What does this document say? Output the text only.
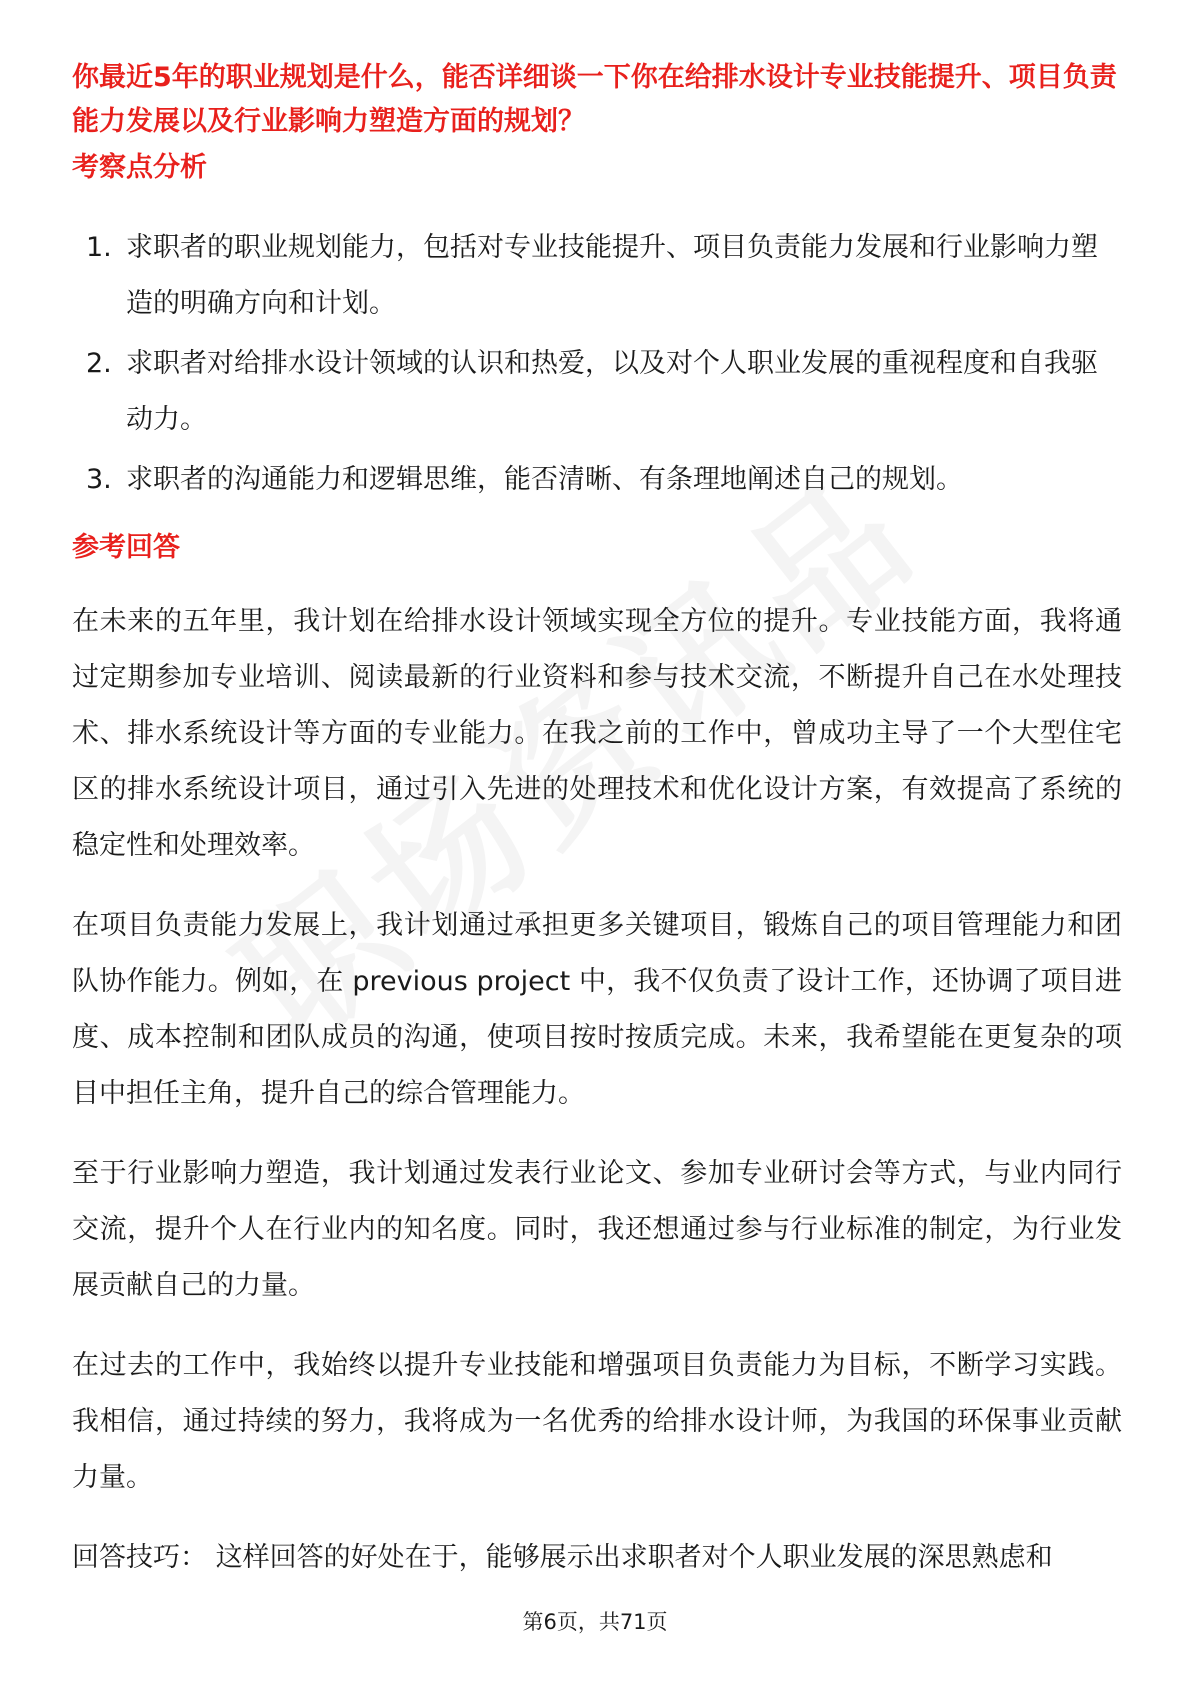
你最近5年的职业规划是什么，能否详细谈一下你在给排水设计专业技能提升、项目负责能力发展以及行业影响力塑造方面的规划？

考察点分析
1. 求职者的职业规划能力，包括对专业技能提升、项目负责能力发展和行业影响力塑造的明确方向和计划。
2. 求职者对给排水设计领域的认识和热爱，以及对个人职业发展的重视程度和自我驱动力。
3. 求职者的沟通能力和逻辑思维，能否清晰、有条理地阐述自己的规划。
参考回答

在未来的五年里，我计划在给排水设计领域实现全方位的提升。专业技能方面，我将通过定期参加专业培训、阅读最新的行业资料和参与技术交流，不断提升自己在水处理技术、排水系统设计等方面的专业能力。在我之前的工作中，曾成功主导了一个大型住宅区的排水系统设计项目，通过引入先进的处理技术和优化设计方案，有效提高了系统的稳定性和处理效率。

在项目负责能力发展上，我计划通过承担更多关键项目，锻炼自己的项目管理能力和团队协作能力。例如，在 previous project 中，我不仅负责了设计工作，还协调了项目进度、成本控制和团队成员的沟通，使项目按时按质完成。未来，我希望能在更复杂的项目中担任主角，提升自己的综合管理能力。

至于行业影响力塑造，我计划通过发表行业论文、参加专业研讨会等方式，与业内同行交流，提升个人在行业内的知名度。同时，我还想通过参与行业标准的制定，为行业发展贡献自己的力量。

在过去的工作中，我始终以提升专业技能和增强项目负责能力为目标，不断学习实践。我相信，通过持续的努力，我将成为一名优秀的给排水设计师，为我国的环保事业贡献力量。

回答技巧： 这样回答的好处在于，能够展示出求职者对个人职业发展的深思熟虑和

第6页，共71页
